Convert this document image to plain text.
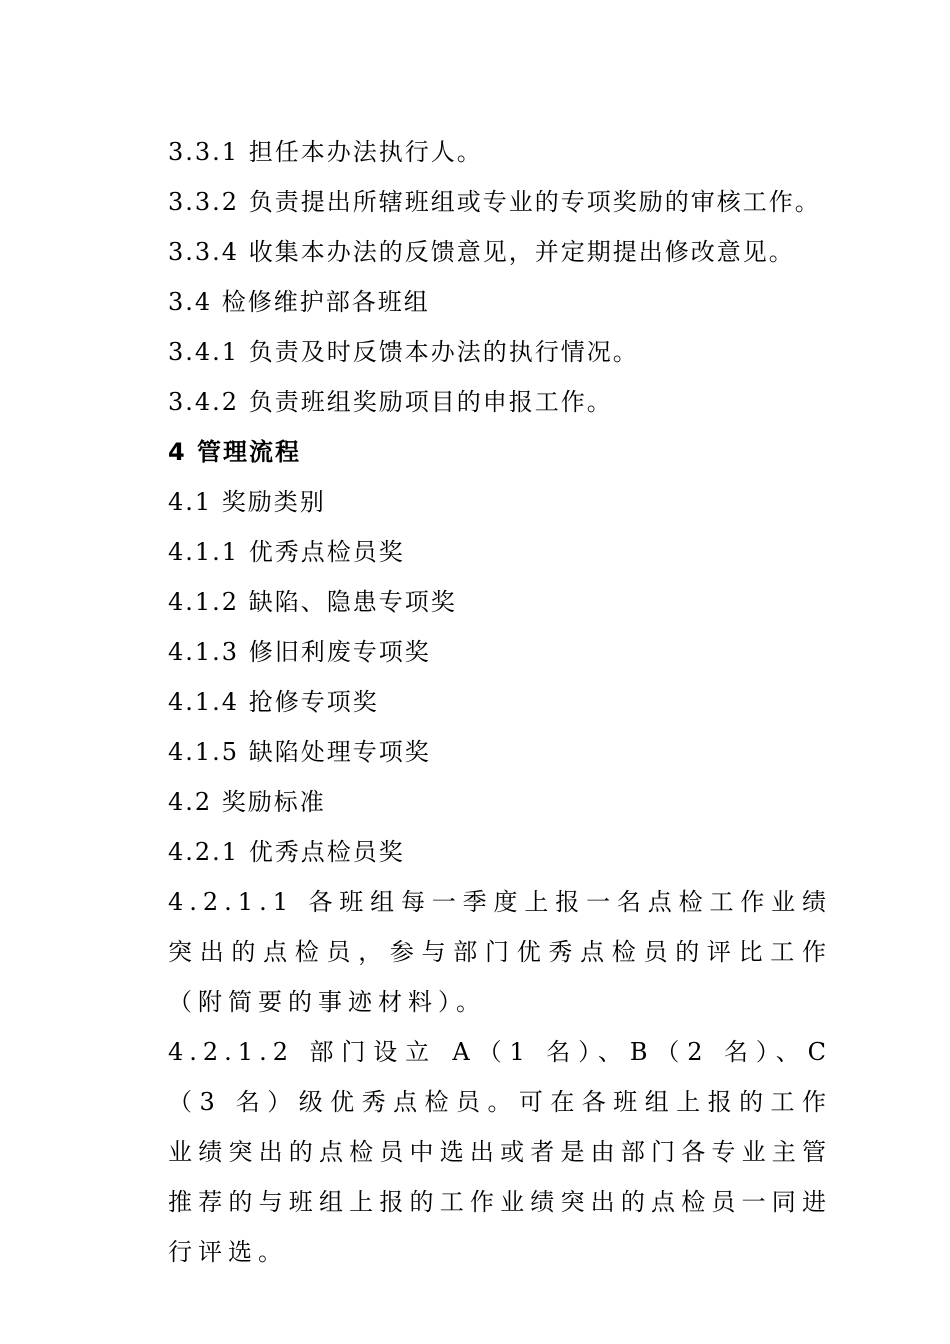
3.3.1 担任本办法执行人。
3.3.2 负责提出所辖班组或专业的专项奖励的审核工作。
3.3.4 收集本办法的反馈意见，并定期提出修改意见。
3.4 检修维护部各班组
3.4.1 负责及时反馈本办法的执行情况。
3.4.2 负责班组奖励项目的申报工作。
4 管理流程
4.1 奖励类别
4.1.1 优秀点检员奖
4.1.2 缺陷、隐患专项奖
4.1.3 修旧利废专项奖
4.1.4 抢修专项奖
4.1.5 缺陷处理专项奖
4.2 奖励标准
4.2.1 优秀点检员奖
4.2.1.1 各班组每一季度上报一名点检工作业绩突出的点检员，参与部门优秀点检员的评比工作（附简要的事迹材料）。
4.2.1.2 部门设立 A（1 名）、B（2 名）、C（3 名）级优秀点检员。可在各班组上报的工作业绩突出的点检员中选出或者是由部门各专业主管推荐的与班组上报的工作业绩突出的点检员一同进行评选。
